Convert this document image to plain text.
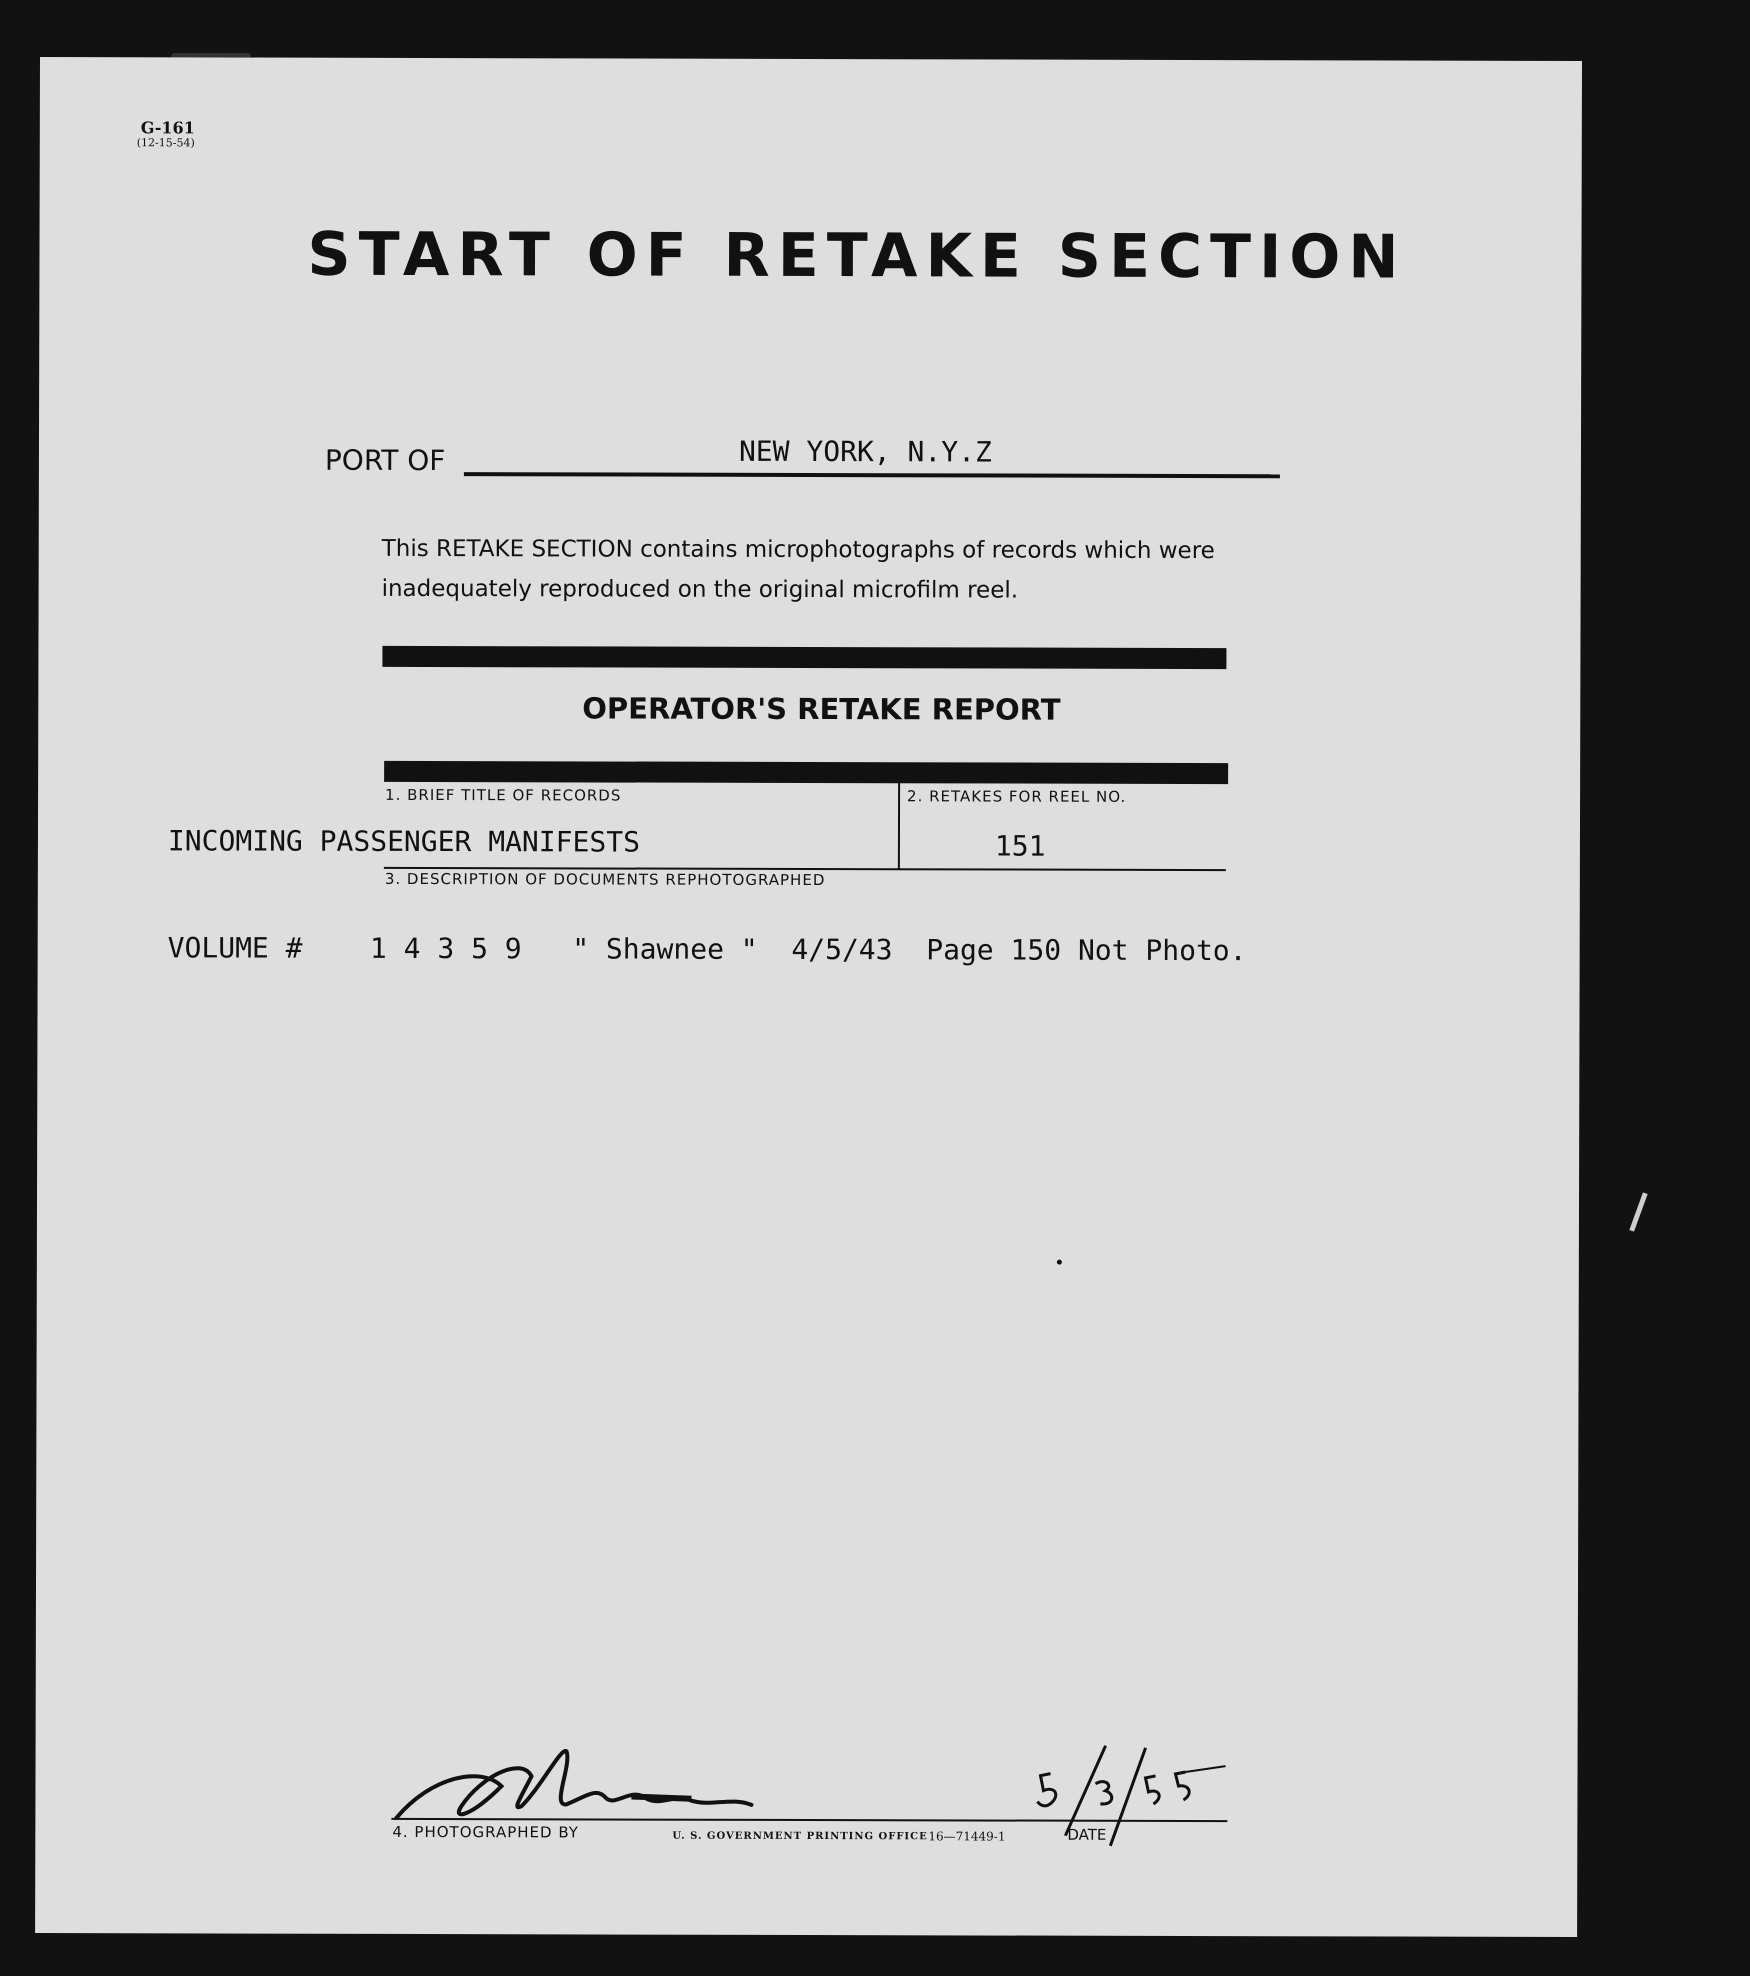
G-161
(12-15-54)
START OF RETAKE SECTION
PORT OF	NEW YORK, N.Y.Z
This RETAKE SECTION contains microphotographs of records which were
inadequately reproduced on the original microfilm reel.
OPERATOR'S RETAKE REPORT
1. BRIEF TITLE OF RECORDS	2. RETAKES FOR REEL NO.
INCOMING PASSENGER MANIFESTS	151
3. DESCRIPTION OF DOCUMENTS REPHOTOGRAPHED
VOLUME #    1 4 3 5 9   " Shawnee "  4/5/43  Page 150 Not Photo.
4. PHOTOGRAPHED BY	U. S. GOVERNMENT PRINTING OFFICE 16—71449-1	DATE
